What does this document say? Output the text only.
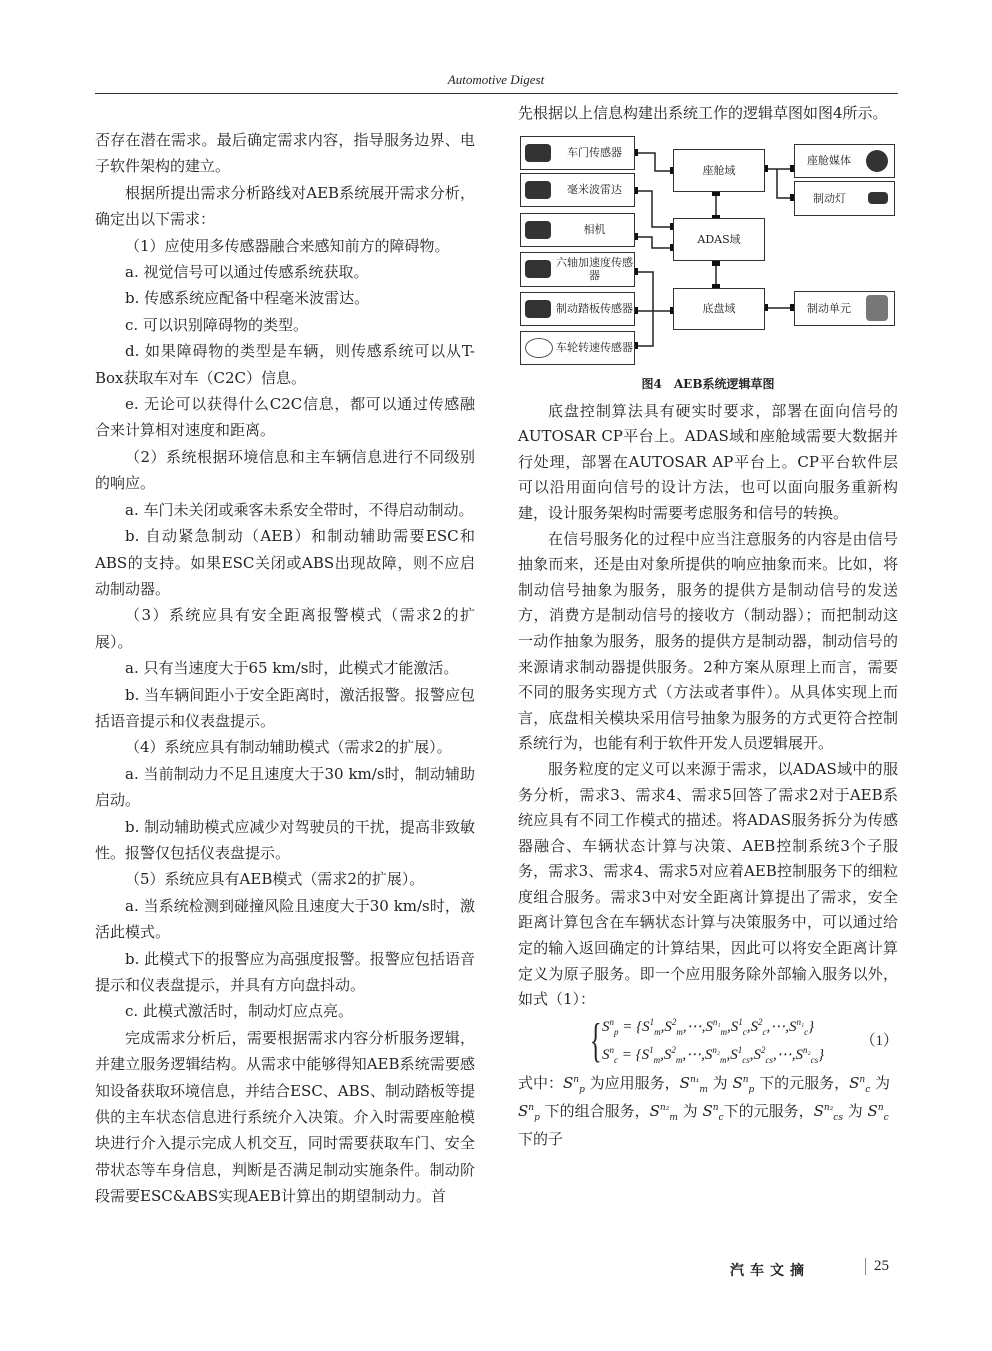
Automotive Digest

否存在潜在需求。最后确定需求内容，指导服务边界、电子软件架构的建立。

根据所提出需求分析路线对AEB系统展开需求分析，确定出以下需求：

（1）应使用多传感器融合来感知前方的障碍物。

a. 视觉信号可以通过传感系统获取。

b. 传感系统应配备中程毫米波雷达。

c. 可以识别障碍物的类型。

d. 如果障碍物的类型是车辆，则传感系统可以从T-Box获取车对车（C2C）信息。

e. 无论可以获得什么C2C信息，都可以通过传感融合来计算相对速度和距离。

（2）系统根据环境信息和主车辆信息进行不同级别的响应。

a. 车门未关闭或乘客未系安全带时，不得启动制动。

b. 自动紧急制动（AEB）和制动辅助需要ESC和ABS的支持。如果ESC关闭或ABS出现故障，则不应启动制动器。

（3）系统应具有安全距离报警模式（需求2的扩展）。

a. 只有当速度大于65 km/s时，此模式才能激活。

b. 当车辆间距小于安全距离时，激活报警。报警应包括语音提示和仪表盘提示。

（4）系统应具有制动辅助模式（需求2的扩展）。

a. 当前制动力不足且速度大于30 km/s时，制动辅助启动。

b. 制动辅助模式应减少对驾驶员的干扰，提高非致敏性。报警仅包括仪表盘提示。

（5）系统应具有AEB模式（需求2的扩展）。

a. 当系统检测到碰撞风险且速度大于30 km/s时，激活此模式。

b. 此模式下的报警应为高强度报警。报警应包括语音提示和仪表盘提示，并具有方向盘抖动。

c. 此模式激活时，制动灯应点亮。

完成需求分析后，需要根据需求内容分析服务逻辑，并建立服务逻辑结构。从需求中能够得知AEB系统需要感知设备获取环境信息，并结合ESC、ABS、制动踏板等提供的主车状态信息进行系统介入决策。介入时需要座舱模块进行介入提示完成人机交互，同时需要获取车门、安全带状态等车身信息，判断是否满足制动实施条件。制动阶段需要ESC&ABS实现AEB计算出的期望制动力。首

先根据以上信息构建出系统工作的逻辑草图如图4所示。

车门传感器
毫米波雷达
相机
六轴加速度传感器
制动踏板传感器
车轮转速传感器
座舱域
ADAS域
底盘域
座舱媒体
制动灯
制动单元
图4　AEB系统逻辑草图

底盘控制算法具有硬实时要求，部署在面向信号的AUTOSAR CP平台上。ADAS域和座舱域需要大数据并行处理，部署在AUTOSAR AP平台上。CP平台软件层可以沿用面向信号的设计方法，也可以面向服务重新构建，设计服务架构时需要考虑服务和信号的转换。

在信号服务化的过程中应当注意服务的内容是由信号抽象而来，还是由对象所提供的响应抽象而来。比如，将制动信号抽象为服务，服务的提供方是制动信号的发送方，消费方是制动信号的接收方（制动器）；而把制动这一动作抽象为服务，服务的提供方是制动器，制动信号的来源请求制动器提供服务。2种方案从原理上而言，需要不同的服务实现方式（方法或者事件）。从具体实现上而言，底盘相关模块采用信号抽象为服务的方式更符合控制系统行为，也能有利于软件开发人员逻辑展开。

服务粒度的定义可以来源于需求，以ADAS域中的服务分析，需求3、需求4、需求5回答了需求2对于AEB系统应具有不同工作模式的描述。将ADAS服务拆分为传感器融合、车辆状态计算与决策、AEB控制系统3个子服务，需求3、需求4、需求5对应着AEB控制服务下的细粒度组合服务。需求3中对安全距离计算提出了需求，安全距离计算包含在车辆状态计算与决策服务中，可以通过给定的输入返回确定的计算结果，因此可以将安全距离计算定义为原子服务。即一个应用服务除外部输入服务以外，如式（1）：

{ $S^n_p$ = $\{S^1_m,S^2_m,\cdots,S^{n_1}_m,S^1_c,S^2_c,\cdots,S^{n_1}_c\}$
$S^n_c$ = $\{S^1_m,S^2_m,\cdots,S^{n_2}_m,S^1_{cs},S^2_{cs},\cdots,S^{n_2}_{cs}\}$
（1）

式中：$S^n_p$ 为应用服务，$S^{n_1}_m$ 为 $S^n_p$ 下的元服务，$S^n_c$ 为 $S^n_p$ 下的组合服务，$S^{n_2}_m$ 为 $S^n_c$下的元服务，$S^{n_2}_{cs}$ 为 $S^n_c$ 下的子

汽车文摘	25
